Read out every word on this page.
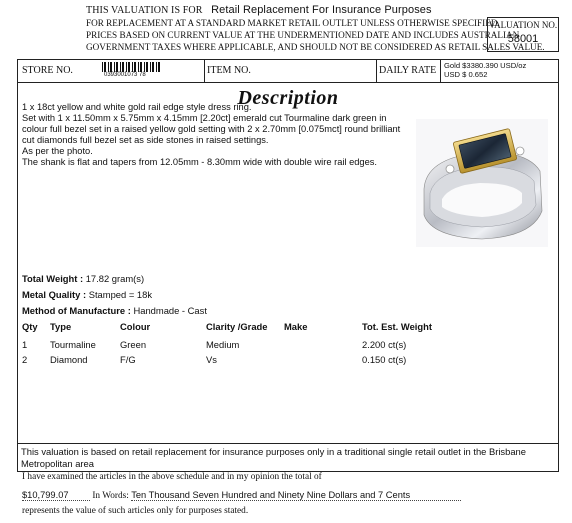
THIS VALUATION IS FOR Retail Replacement For Insurance Purposes
FOR REPLACEMENT AT A STANDARD MARKET RETAIL OUTLET UNLESS OTHERWISE SPECIFIED.
PRICES BASED ON CURRENT VALUE AT THE UNDERMENTIONED DATE AND INCLUDES AUSTRALIAN
GOVERNMENT TAXES WHERE APPLICABLE, AND SHOULD NOT BE CONSIDERED AS RETAIL SALES VALUE.
VALUATION NO.
58001
STORE NO.	0393001073 78	ITEM NO.	DAILY RATE Gold $3380.390 USD/oz
USD $ 0.652
Description

1 x 18ct yellow and white gold rail edge style dress ring.

Set with 1 x 11.50mm x 5.75mm x 4.15mm [2.20ct] emerald cut Tourmaline dark green in colour full bezel set in a raised yellow gold setting with 2 x 2.70mm [0.075mct] round brilliant cut diamonds full bezel set as side stones in raised settings.

As per the photo.

The shank is flat and tapers from 12.05mm - 8.30mm wide with double wire rail edges.

Total Weight : 17.82 gram(s)
Metal Quality : Stamped = 18k
Method of Manufacture : Handmade - Cast
Qty Type	Colour	Clarity /Grade Make	Tot. Est. Weight
1 Tourmaline	Green	Medium	2.200 ct(s)
2 Diamond	F/G	Vs	0.150 ct(s)
This valuation is based on retail replacement for insurance purposes only in a traditional single retail outlet in the Brisbane Metropolitan area
I have examined the articles in the above schedule and in my opinion the total of
$10,799.07	In Words: Ten Thousand Seven Hundred and Ninety Nine Dollars and 7 Cents
represents the value of such articles only for purposes stated.
